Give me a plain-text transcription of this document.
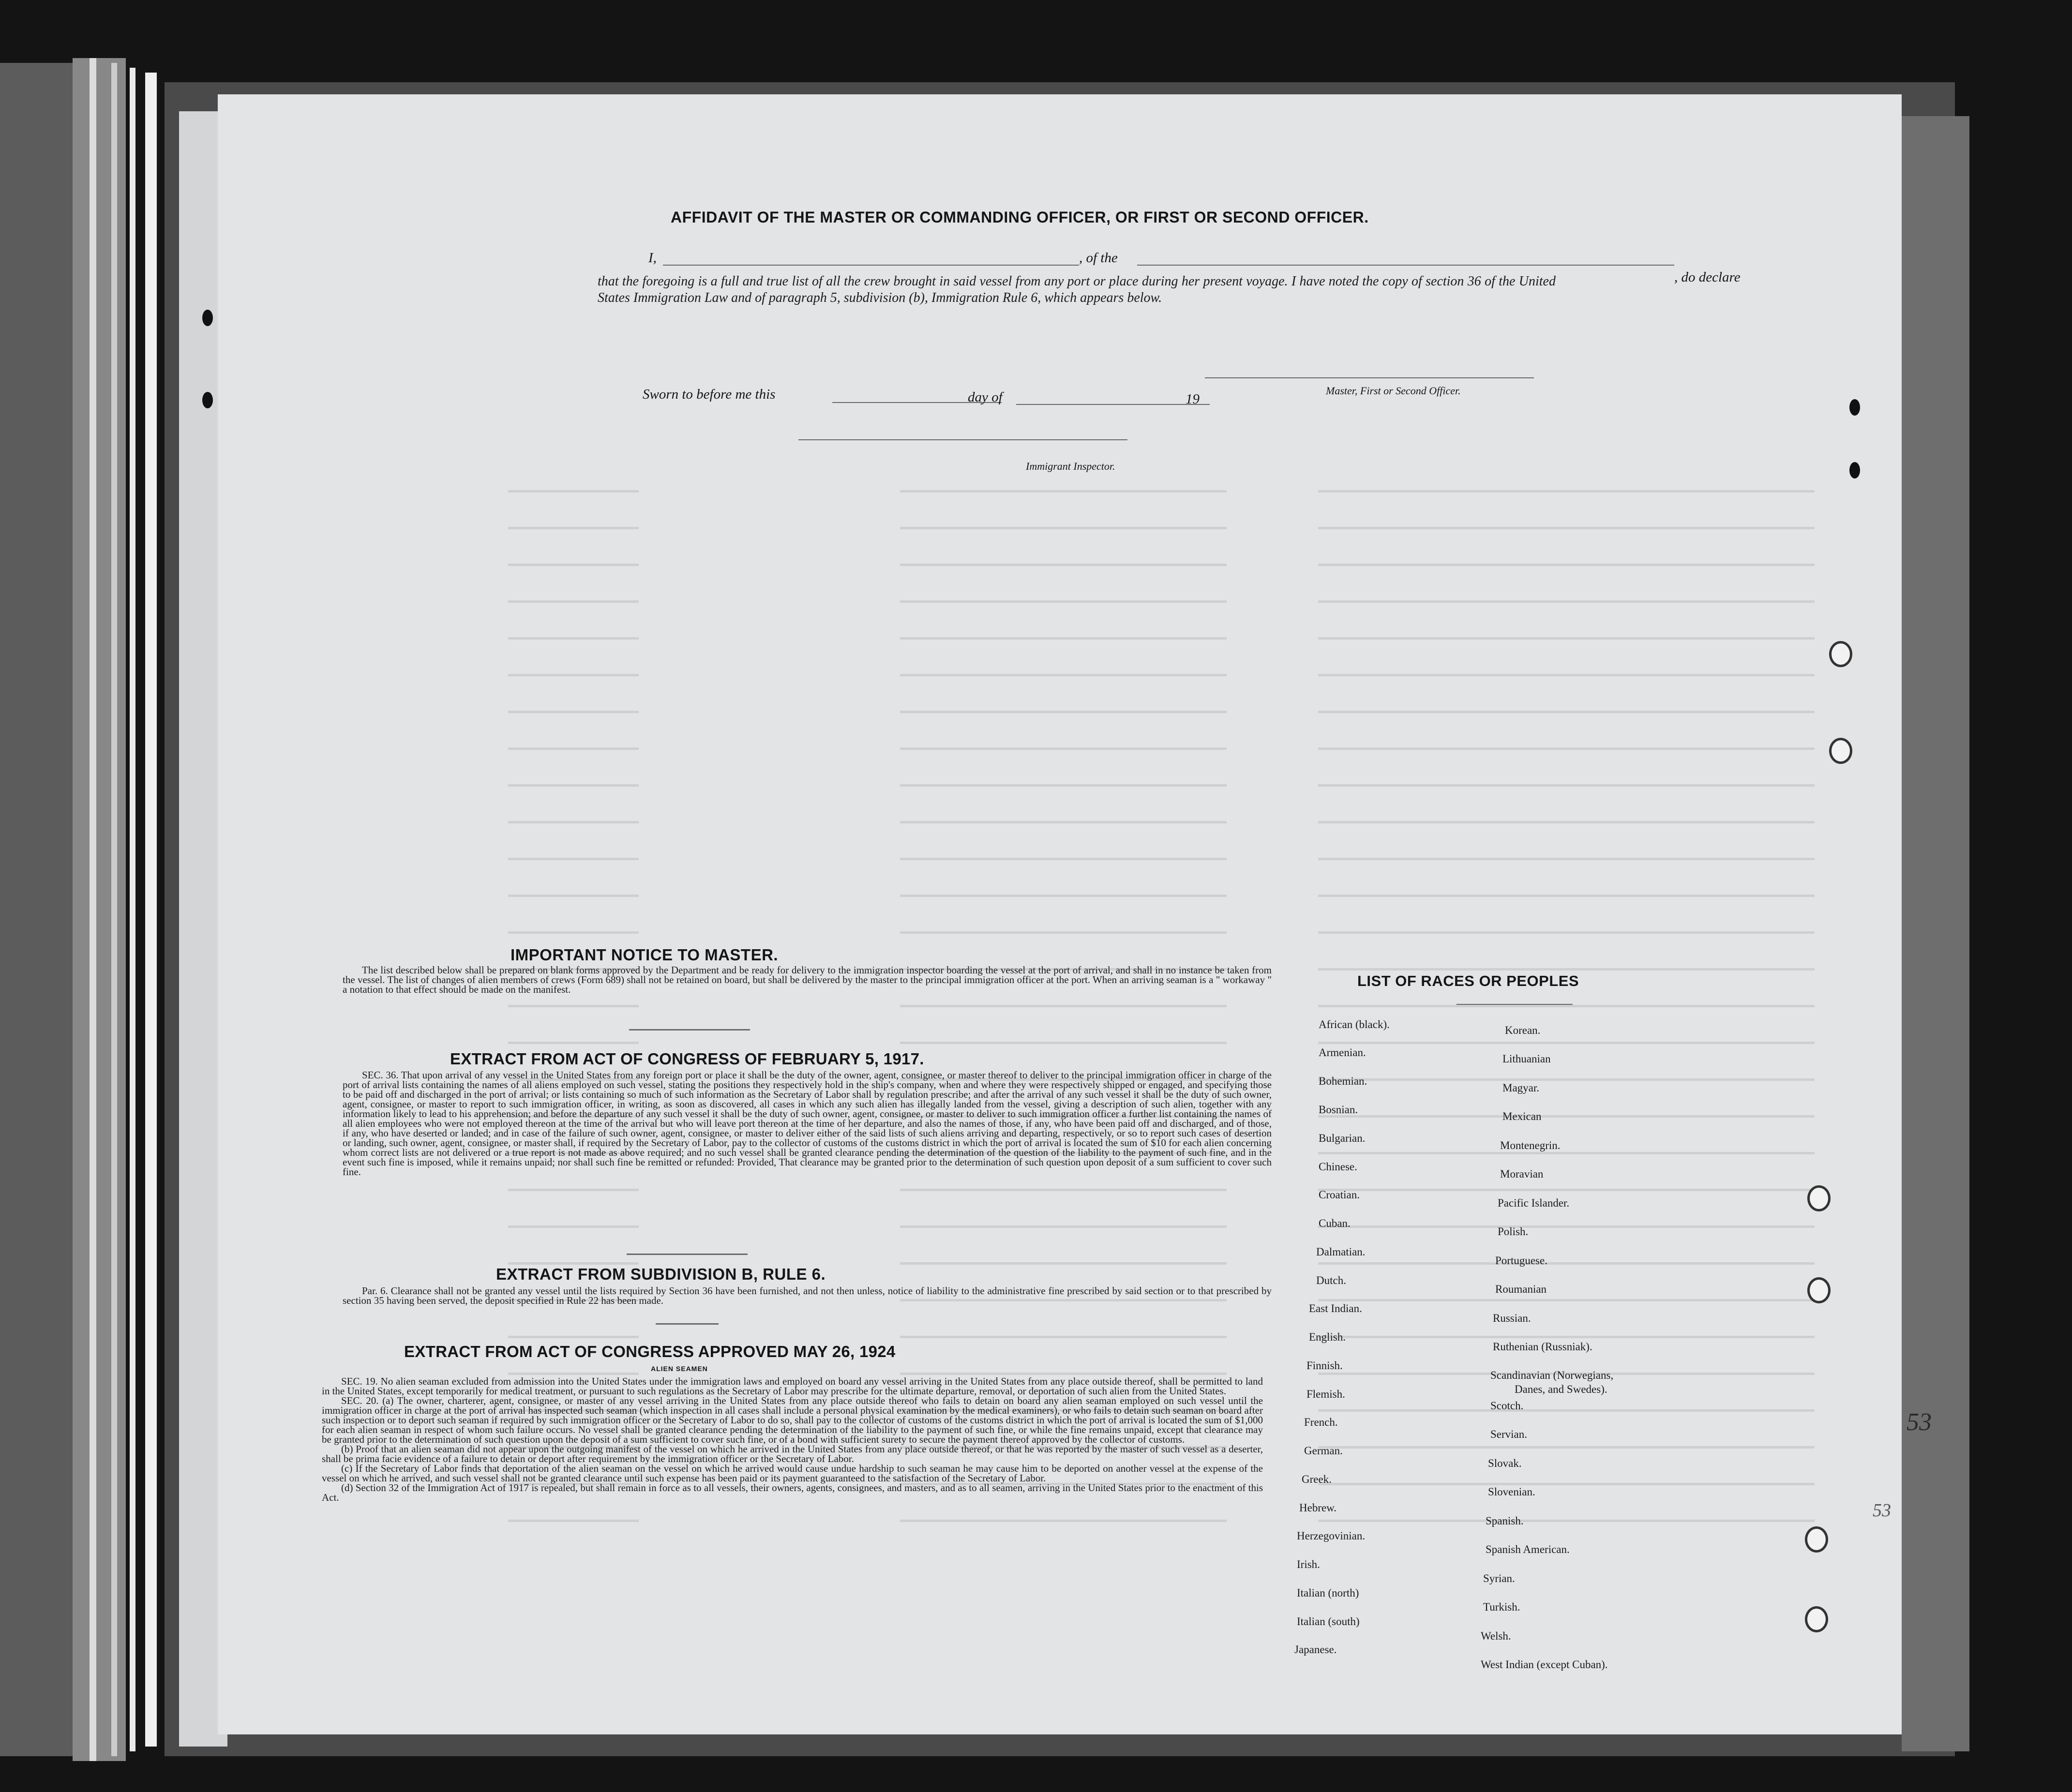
AFFIDAVIT OF THE MASTER OR COMMANDING OFFICER, OR FIRST OR SECOND OFFICER.
I,	, of the
, do declare
that the foregoing is a full and true list of all the crew brought in said vessel from any port or place during her present voyage. I have noted the copy of section 36 of the United States Immigration Law and of paragraph 5, subdivision (b), Immigration Rule 6, which appears below.
Master, First or Second Officer.
Sworn to before me this	day of	19
Immigrant Inspector.
IMPORTANT NOTICE TO MASTER.
The list described below shall be prepared on blank forms approved by the Department and be ready for delivery to the immigration inspector boarding the vessel at the port of arrival, and shall in no instance be taken from the vessel. The list of changes of alien members of crews (Form 689) shall not be retained on board, but shall be delivered by the master to the principal immigration officer at the port. When an arriving seaman is a " workaway " a notation to that effect should be made on the manifest.
EXTRACT FROM ACT OF CONGRESS OF FEBRUARY 5, 1917.
SEC. 36. That upon arrival of any vessel in the United States from any foreign port or place it shall be the duty of the owner, agent, consignee, or master thereof to deliver to the principal immigration officer in charge of the port of arrival lists containing the names of all aliens employed on such vessel, stating the positions they respectively hold in the ship's company, when and where they were respectively shipped or engaged, and specifying those to be paid off and discharged in the port of arrival; or lists containing so much of such information as the Secretary of Labor shall by regulation prescribe; and after the arrival of any such vessel it shall be the duty of such owner, agent, consignee, or master to report to such immigration officer, in writing, as soon as discovered, all cases in which any such alien has illegally landed from the vessel, giving a description of such alien, together with any information likely to lead to his apprehension; and before the departure of any such vessel it shall be the duty of such owner, agent, consignee, or master to deliver to such immigration officer a further list containing the names of all alien employees who were not employed thereon at the time of the arrival but who will leave port thereon at the time of her departure, and also the names of those, if any, who have been paid off and discharged, and of those, if any, who have deserted or landed; and in case of the failure of such owner, agent, consignee, or master to deliver either of the said lists of such aliens arriving and departing, respectively, or so to report such cases of desertion or landing, such owner, agent, consignee, or master shall, if required by the Secretary of Labor, pay to the collector of customs of the customs district in which the port of arrival is located the sum of $10 for each alien concerning whom correct lists are not delivered or a true report is not made as above required; and no such vessel shall be granted clearance pending the determination of the question of the liability to the payment of such fine, and in the event such fine is imposed, while it remains unpaid; nor shall such fine be remitted or refunded: Provided, That clearance may be granted prior to the determination of such question upon deposit of a sum sufficient to cover such fine.
EXTRACT FROM SUBDIVISION B, RULE 6.
Par. 6. Clearance shall not be granted any vessel until the lists required by Section 36 have been furnished, and not then unless, notice of liability to the administrative fine prescribed by said section or to that prescribed by section 35 having been served, the deposit specified in Rule 22 has been made.
EXTRACT FROM ACT OF CONGRESS APPROVED MAY 26, 1924
ALIEN SEAMEN

SEC. 19. No alien seaman excluded from admission into the United States under the immigration laws and employed on board any vessel arriving in the United States from any place outside thereof, shall be permitted to land in the United States, except temporarily for medical treatment, or pursuant to such regulations as the Secretary of Labor may prescribe for the ultimate departure, removal, or deportation of such alien from the United States.

SEC. 20. (a) The owner, charterer, agent, consignee, or master of any vessel arriving in the United States from any place outside thereof who fails to detain on board any alien seaman employed on such vessel until the immigration officer in charge at the port of arrival has inspected such seaman (which inspection in all cases shall include a personal physical examination by the medical examiners), or who fails to detain such seaman on board after such inspection or to deport such seaman if required by such immigration officer or the Secretary of Labor to do so, shall pay to the collector of customs of the customs district in which the port of arrival is located the sum of $1,000 for each alien seaman in respect of whom such failure occurs. No vessel shall be granted clearance pending the determination of the liability to the payment of such fine, or while the fine remains unpaid, except that clearance may be granted prior to the determination of such question upon the deposit of a sum sufficient to cover such fine, or of a bond with sufficient surety to secure the payment thereof approved by the collector of customs.

(b) Proof that an alien seaman did not appear upon the outgoing manifest of the vessel on which he arrived in the United States from any place outside thereof, or that he was reported by the master of such vessel as a deserter, shall be prima facie evidence of a failure to detain or deport after requirement by the immigration officer or the Secretary of Labor.

(c) If the Secretary of Labor finds that deportation of the alien seaman on the vessel on which he arrived would cause undue hardship to such seaman he may cause him to be deported on another vessel at the expense of the vessel on which he arrived, and such vessel shall not be granted clearance until such expense has been paid or its payment guaranteed to the satisfaction of the Secretary of Labor.

(d) Section 32 of the Immigration Act of 1917 is repealed, but shall remain in force as to all vessels, their owners, agents, consignees, and masters, and as to all seamen, arriving in the United States prior to the enactment of this Act.

LIST OF RACES OR PEOPLES
African (black).
Armenian.
Bohemian.
Bosnian.
Bulgarian.
Chinese.
Croatian.
Cuban.
Dalmatian.
Dutch.
East Indian.
English.
Finnish.
Flemish.
French.
German.
Greek.
Hebrew.
Herzegovinian.
Irish.
Italian (north)
Italian (south)
Japanese.
Korean.
Lithuanian
Magyar.
Mexican
Montenegrin.
Moravian
Pacific Islander.
Polish.
Portuguese.
Roumanian
Russian.
Ruthenian (Russniak).
Scandinavian (Norwegians,
Danes, and Swedes).
Scotch.
Servian.
Slovak.
Slovenian.
Spanish.
Spanish American.
Syrian.
Turkish.
Welsh.
West Indian (except Cuban).
53
53
